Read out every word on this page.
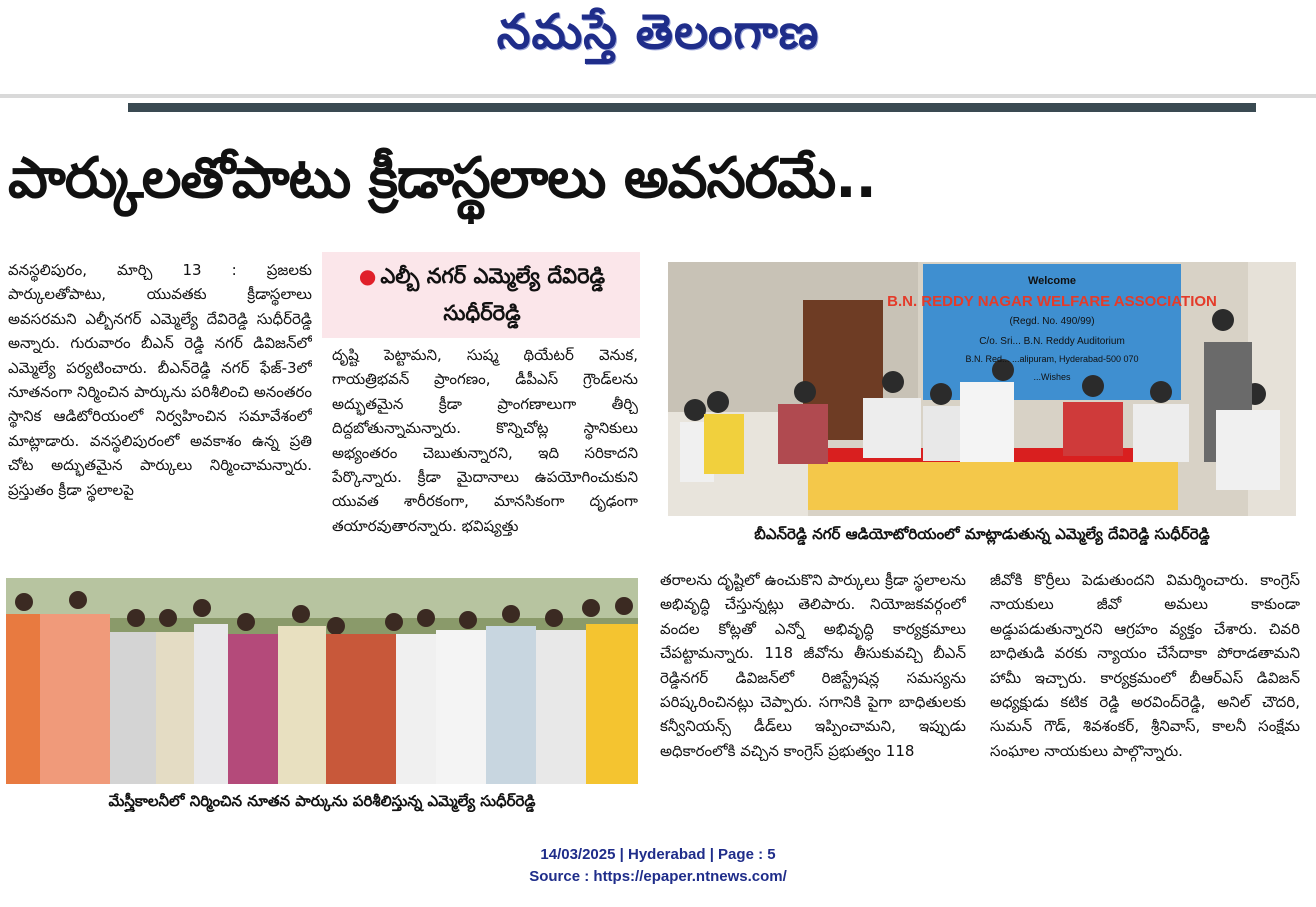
నమస్తే తెలంగాణ
పార్కులతోపాటు క్రీడాస్థలాలు అవసరమే..
వనస్థలిపురం, మార్చి 13 : ప్రజలకు పార్కులతోపాటు, యువతకు క్రీడాస్థలాలు అవసరమని ఎల్బీనగర్ ఎమ్మెల్యే దేవిరెడ్డి సుధీర్‌రెడ్డి అన్నారు. గురువారం బీఎన్ రెడ్డి నగర్ డివిజన్‌లో ఎమ్మెల్యే పర్యటించారు. బీఎన్‌రెడ్డి నగర్ ఫేజ్-3లో నూతనంగా నిర్మించిన పార్కును పరిశీలించి అనంతరం స్థానిక ఆడిటోరియంలో నిర్వహించిన సమావేశంలో మాట్లాడారు. వనస్థలిపురంలో అవకాశం ఉన్న ప్రతి చోట అద్భుతమైన పార్కులు నిర్మించామన్నారు. ప్రస్తుతం క్రీడా స్థలాలపై
● ఎల్బీ నగర్ ఎమ్మెల్యే దేవిరెడ్డి
సుధీర్‌రెడ్డి
దృష్టి పెట్టామని, సుష్మ థియేటర్ వెనుక, గాయత్రిభవన్ ప్రాంగణం, డీపీఎస్ గ్రౌండ్‌లను అద్భుతమైన క్రీడా ప్రాంగణాలుగా తీర్చి దిద్దబోతున్నామన్నారు. కొన్నిచోట్ల స్థానికులు అభ్యంతరం చెబుతున్నారని, ఇది సరికాదని పేర్కొన్నారు. క్రీడా మైదానాలు ఉపయోగించుకుని యువత శారీరకంగా, మానసికంగా దృఢంగా తయారవుతారన్నారు. భవిష్యత్తు
Welcome
B.N. REDDY NAGAR WELFARE ASSOCIATION
(Regd. No. 490/99)
C/o. Sri... B.N. Reddy Auditorium
B.N. Red... ...alipuram, Hyderabad-500 070
...Wishes
బీఎన్‌రెడ్డి నగర్ ఆడియోటోరియంలో మాట్లాడుతున్న ఎమ్మెల్యే దేవిరెడ్డి సుధీర్‌రెడ్డి
మేస్త్రీకాలనీలో నిర్మించిన నూతన పార్కును పరిశీలిస్తున్న ఎమ్మెల్యే సుధీర్‌రెడ్డి
తరాలను దృష్టిలో ఉంచుకొని పార్కులు క్రీడా స్థలాలను అభివృద్ధి చేస్తున్నట్లు తెలిపారు. నియోజకవర్గంలో వందల కోట్లతో ఎన్నో అభివృద్ధి కార్యక్రమాలు చేపట్టామన్నారు. 118 జీవోను తీసుకువచ్చి బీఎన్ రెడ్డినగర్ డివిజన్‌లో రిజిస్ట్రేషన్ల సమస్యను పరిష్కరించినట్లు చెప్పారు. సగానికి పైగా బాధితులకు కన్వీనియన్స్ డీడ్‌లు ఇప్పించామని, ఇప్పుడు అధికారంలోకి వచ్చిన కాంగ్రెస్ ప్రభుత్వం 118
జీవోకి కొర్రీలు పెడుతుందని విమర్శించారు. కాంగ్రెస్ నాయకులు జీవో అమలు కాకుండా అడ్డుపడుతున్నారని ఆగ్రహం వ్యక్తం చేశారు. చివరి బాధితుడి వరకు న్యాయం చేసేదాకా పోరాడతామని హామీ ఇచ్చారు. కార్యక్రమంలో బీఆర్ఎస్ డివిజన్ అధ్యక్షుడు కటిక రెడ్డి అరవింద్‌రెడ్డి, అనిల్ చౌదరి, సుమన్ గౌడ్, శివశంకర్, శ్రీనివాస్, కాలనీ సంక్షేమ సంఘాల నాయకులు పాల్గొన్నారు.
14/03/2025 | Hyderabad | Page : 5
Source : https://epaper.ntnews.com/
